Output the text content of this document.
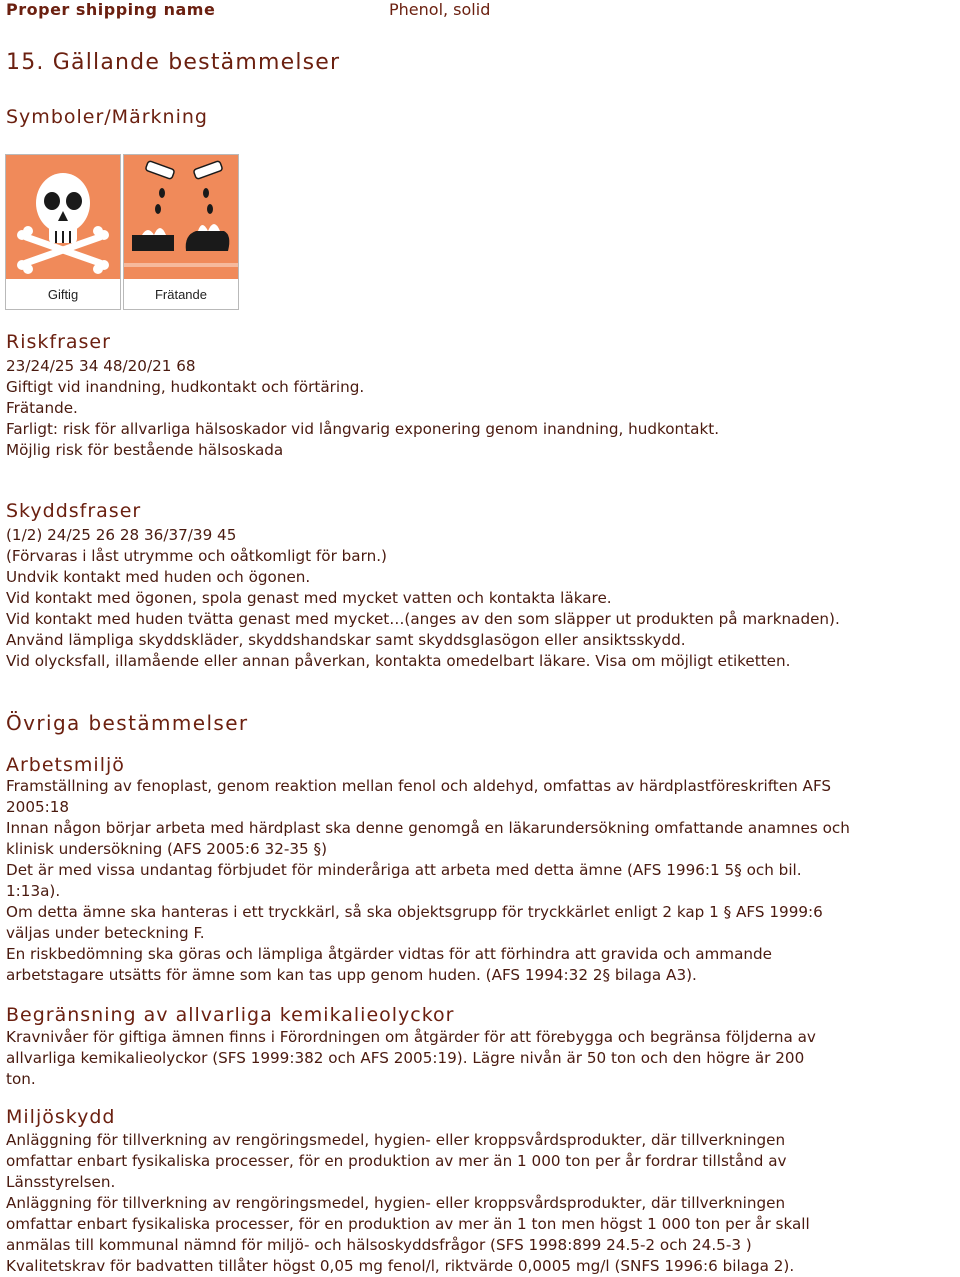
Proper shipping name	Phenol, solid
15. Gällande bestämmelser
Symboler/Märkning
Giftig	Frätande
Riskfraser
23/24/25 34 48/20/21 68
Giftigt vid inandning, hudkontakt och förtäring.
Frätande.
Farligt: risk för allvarliga hälsoskador vid långvarig exponering genom inandning, hudkontakt.
Möjlig risk för bestående hälsoskada
Skyddsfraser
(1/2) 24/25 26 28 36/37/39 45
(Förvaras i låst utrymme och oåtkomligt för barn.)
Undvik kontakt med huden och ögonen.
Vid kontakt med ögonen, spola genast med mycket vatten och kontakta läkare.
Vid kontakt med huden tvätta genast med mycket…(anges av den som släpper ut produkten på marknaden).
Använd lämpliga skyddskläder, skyddshandskar samt skyddsglasögon eller ansiktsskydd.
Vid olycksfall, illamående eller annan påverkan, kontakta omedelbart läkare. Visa om möjligt etiketten.
Övriga bestämmelser
Arbetsmiljö
Framställning av fenoplast, genom reaktion mellan fenol och aldehyd, omfattas av härdplastföreskriften AFS
2005:18
Innan någon börjar arbeta med härdplast ska denne genomgå en läkarundersökning omfattande anamnes och
klinisk undersökning (AFS 2005:6 32-35 §)
Det är med vissa undantag förbjudet för minderåriga att arbeta med detta ämne (AFS 1996:1 5§ och bil.
1:13a).
Om detta ämne ska hanteras i ett tryckkärl, så ska objektsgrupp för tryckkärlet enligt 2 kap 1 § AFS 1999:6
väljas under beteckning F.
En riskbedömning ska göras och lämpliga åtgärder vidtas för att förhindra att gravida och ammande
arbetstagare utsätts för ämne som kan tas upp genom huden. (AFS 1994:32 2§ bilaga A3).
Begränsning av allvarliga kemikalieolyckor
Kravnivåer för giftiga ämnen finns i Förordningen om åtgärder för att förebygga och begränsa följderna av
allvarliga kemikalieolyckor (SFS 1999:382 och AFS 2005:19). Lägre nivån är 50 ton och den högre är 200
ton.
Miljöskydd
Anläggning för tillverkning av rengöringsmedel, hygien- eller kroppsvårdsprodukter, där tillverkningen
omfattar enbart fysikaliska processer, för en produktion av mer än 1 000 ton per år fordrar tillstånd av
Länsstyrelsen.
Anläggning för tillverkning av rengöringsmedel, hygien- eller kroppsvårdsprodukter, där tillverkningen
omfattar enbart fysikaliska processer, för en produktion av mer än 1 ton men högst 1 000 ton per år skall
anmälas till kommunal nämnd för miljö- och hälsoskyddsfrågor (SFS 1998:899 24.5-2 och 24.5-3 )
Kvalitetskrav för badvatten tillåter högst 0,05 mg fenol/l, riktvärde 0,0005 mg/l (SNFS 1996:6 bilaga 2).
